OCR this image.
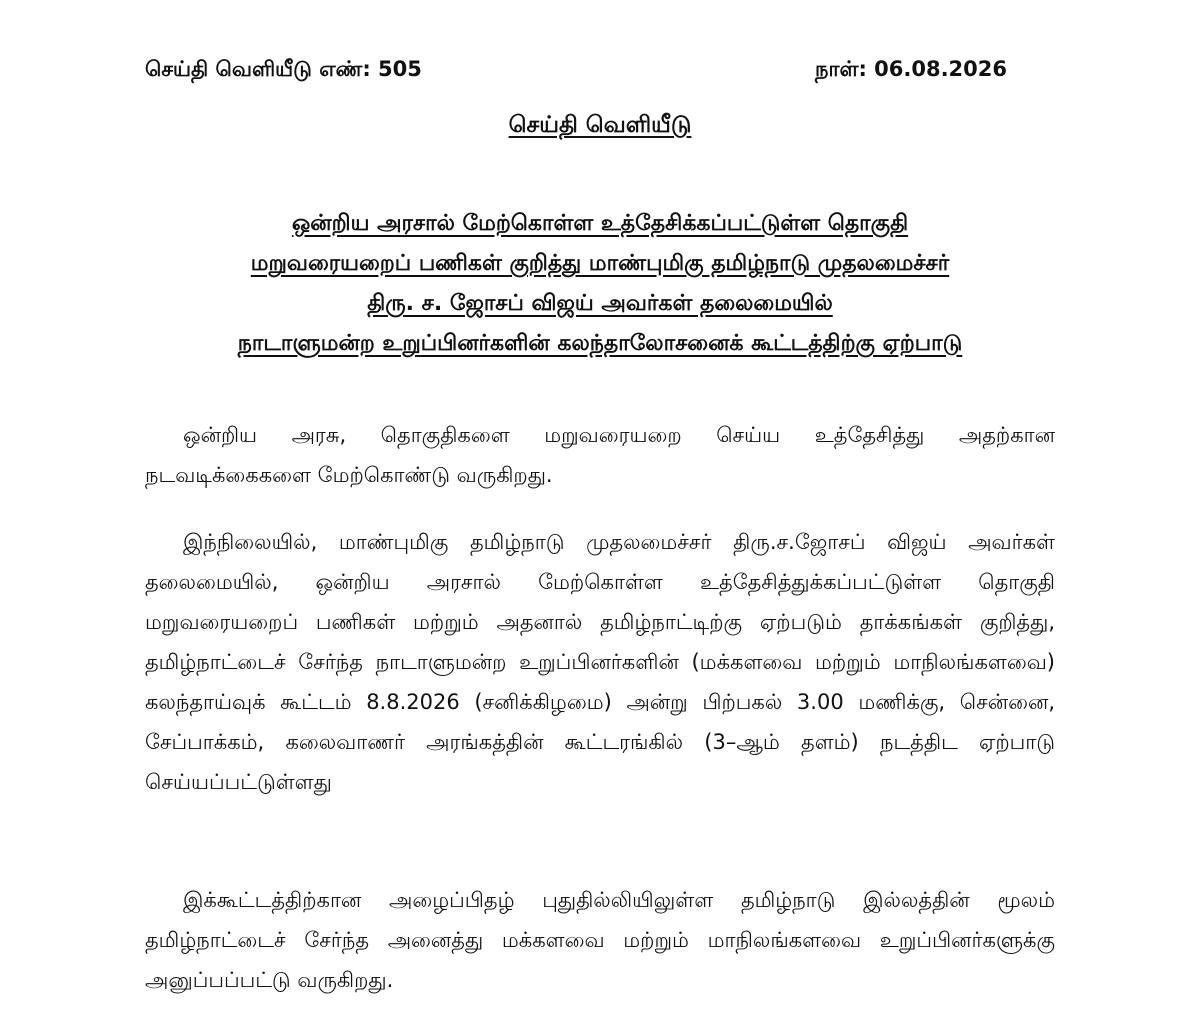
செய்தி வெளியீடு எண்: 505	நாள்: 06.08.2026
செய்தி வெளியீடு
ஒன்றிய அரசால் மேற்கொள்ள உத்தேசிக்கப்பட்டுள்ள தொகுதி
மறுவரையறைப் பணிகள் குறித்து மாண்புமிகு தமிழ்நாடு முதலமைச்சர்
திரு. ச. ஜோசப் விஜய் அவர்கள் தலைமையில்
நாடாளுமன்ற உறுப்பினர்களின் கலந்தாலோசனைக் கூட்டத்திற்கு ஏற்பாடு

ஒன்றிய அரசு, தொகுதிகளை மறுவரையறை செய்ய உத்தேசித்து அதற்கான நடவடிக்கைகளை மேற்கொண்டு வருகிறது.

இந்நிலையில், மாண்புமிகு தமிழ்நாடு முதலமைச்சர் திரு.ச.ஜோசப் விஜய் அவர்கள் தலைமையில், ஒன்றிய அரசால் மேற்கொள்ள உத்தேசித்துக்கப்பட்டுள்ள தொகுதி மறுவரையறைப் பணிகள் மற்றும் அதனால் தமிழ்நாட்டிற்கு ஏற்படும் தாக்கங்கள் குறித்து, தமிழ்நாட்டைச் சேர்ந்த நாடாளுமன்ற உறுப்பினர்களின் (மக்களவை மற்றும் மாநிலங்களவை) கலந்தாய்வுக் கூட்டம் 8.8.2026 (சனிக்கிழமை) அன்று பிற்பகல் 3.00 மணிக்கு, சென்னை, சேப்பாக்கம், கலைவாணர் அரங்கத்தின் கூட்டரங்கில் (3–ஆம் தளம்) நடத்திட ஏற்பாடு செய்யப்பட்டுள்ளது

இக்கூட்டத்திற்கான அழைப்பிதழ் புதுதில்லியிலுள்ள தமிழ்நாடு இல்லத்தின் மூலம் தமிழ்நாட்டைச் சேர்ந்த அனைத்து மக்களவை மற்றும் மாநிலங்களவை உறுப்பினர்களுக்கு அனுப்பப்பட்டு வருகிறது.
